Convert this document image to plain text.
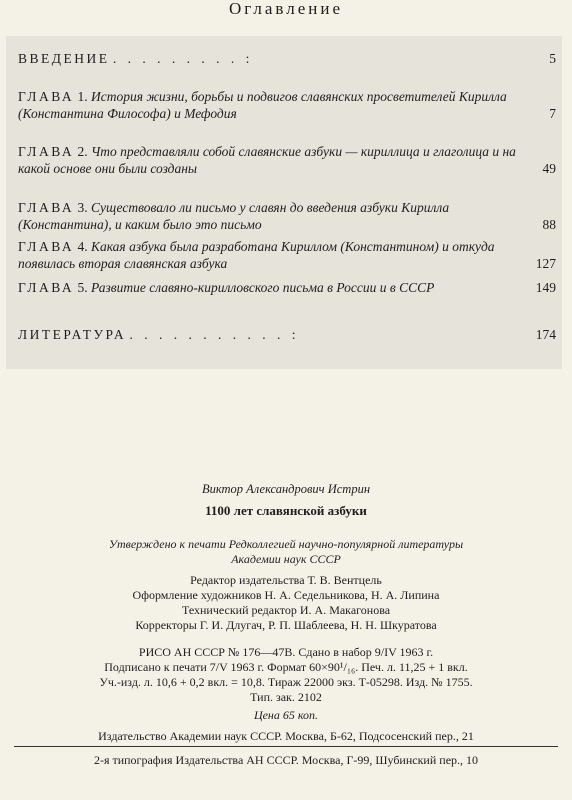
Оглавление
ВВЕДЕНИЕ . . . . . . . . . :	5
ГЛАВА 1. История жизни, борьбы и подвигов славянских просветителей Кирилла (Константина Философа) и Мефодия	7
ГЛАВА 2. Что представляли собой славянские азбуки — кириллица и глаголица и на какой основе они были созданы	49
ГЛАВА 3. Существовало ли письмо у славян до введения азбуки Кирилла (Константина), и каким было это письмо	88
ГЛАВА 4. Какая азбука была разработана Кириллом (Константином) и откуда появилась вторая славянская азбука	127
ГЛАВА 5. Развитие славяно-кирилловского письма в России и в СССР	149
ЛИТЕРАТУРА . . . . . . . . . . . :	174
Виктор Александрович Истрин
1100 лет славянской азбуки
Утверждено к печати Редколлегией научно-популярной литературы
Академии наук СССР
Редактор издательства Т. В. Вентцель
Оформление художников Н. А. Седельникова, Н. А. Липина
Технический редактор И. А. Макагонова
Корректоры Г. И. Длугач, Р. П. Шаблеева, Н. Н. Шкуратова
РИСО АН СССР № 176—47В. Сдано в набор 9/IV 1963 г.
Подписано к печати 7/V 1963 г. Формат 60×90¹/₁₆. Печ. л. 11,25 + 1 вкл.
Уч.-изд. л. 10,6 + 0,2 вкл. = 10,8. Тираж 22000 экз. Т-05298. Изд. № 1755.
Тип. зак. 2102
Цена 65 коп.
Издательство Академии наук СССР. Москва, Б-62, Подсосенский пер., 21
2-я типография Издательства АН СССР. Москва, Г-99, Шубинский пер., 10
